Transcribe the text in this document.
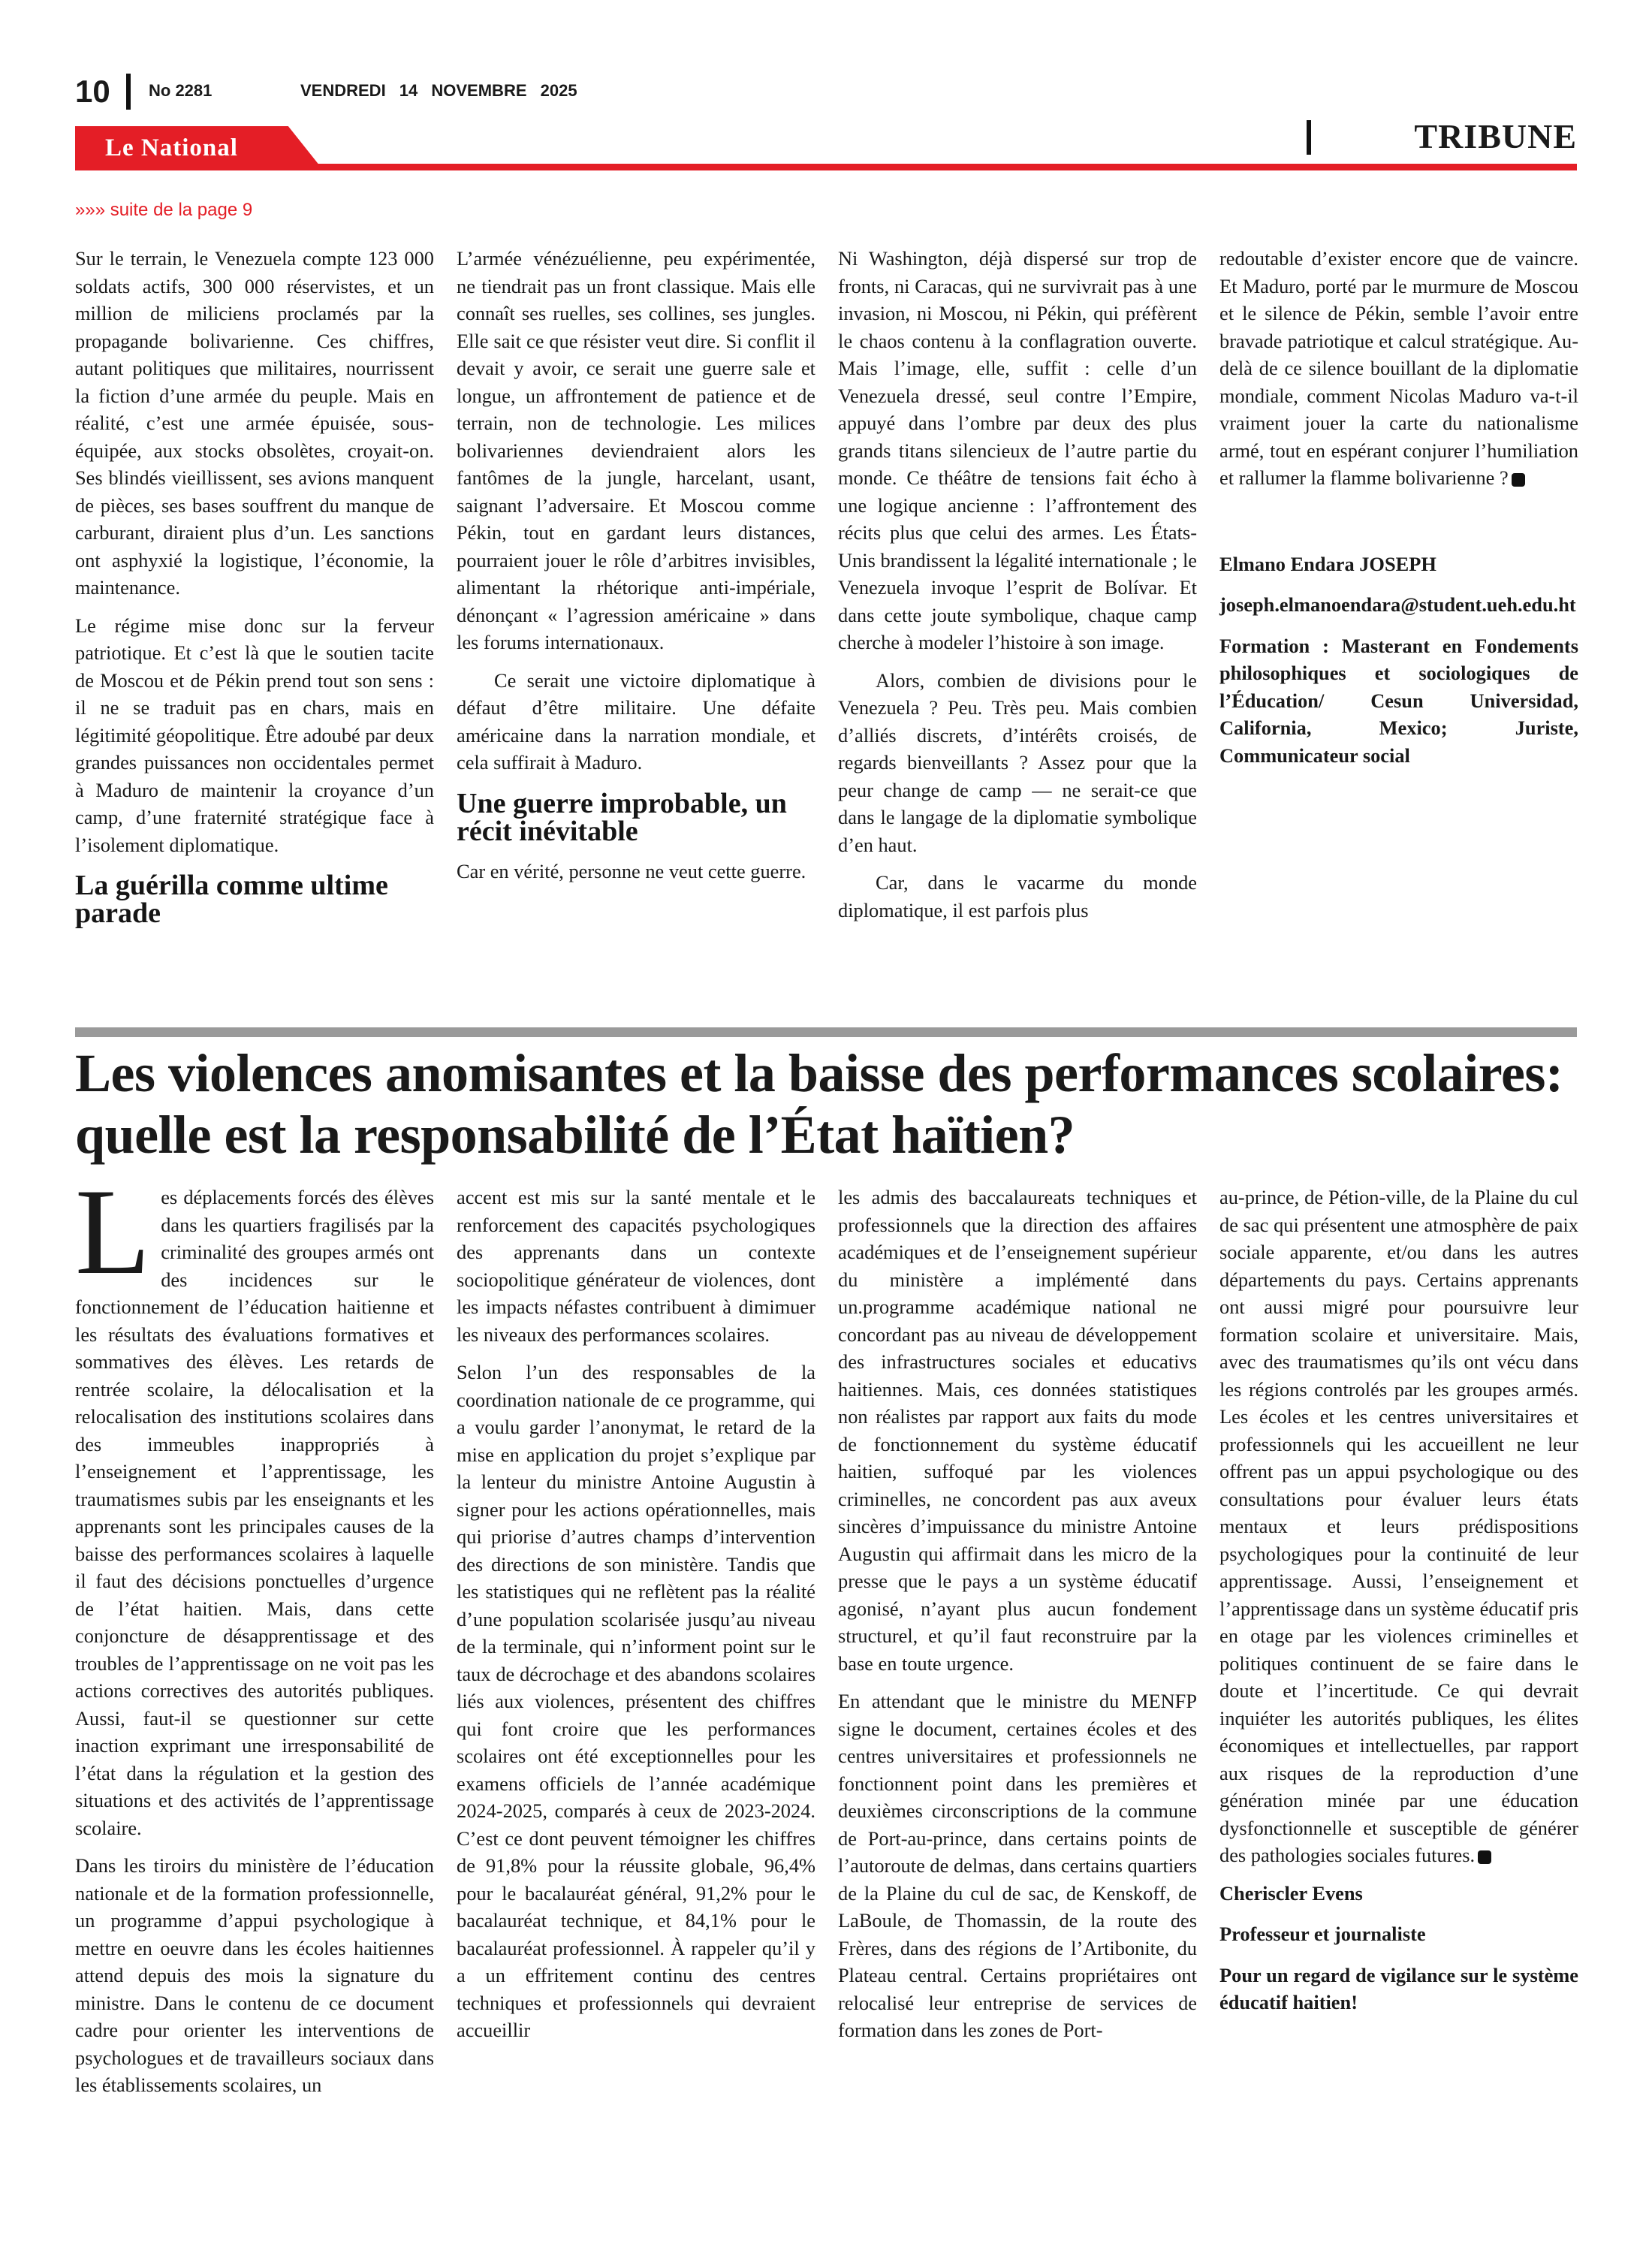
10 No 2281	VENDREDI 14 NOVEMBRE 2025
Le National	TRIBUNE
»»» suite de la page 9

Sur le terrain, le Venezuela compte 123 000 soldats actifs, 300 000 réservistes, et un million de miliciens proclamés par la propagande bolivarienne. Ces chiffres, autant politiques que militaires, nourrissent la fiction d’une armée du peuple. Mais en réalité, c’est une armée épuisée, sous-équipée, aux stocks obsolètes, croyait-on. Ses blindés vieillissent, ses avions manquent de pièces, ses bases souffrent du manque de carburant, diraient plus d’un. Les sanctions ont asphyxié la logistique, l’économie, la maintenance.

Le régime mise donc sur la ferveur patriotique. Et c’est là que le soutien tacite de Moscou et de Pékin prend tout son sens : il ne se traduit pas en chars, mais en légitimité géopolitique. Être adoubé par deux grandes puissances non occidentales permet à Maduro de maintenir la croyance d’un camp, d’une fraternité stratégique face à l’isolement diplomatique.

La guérilla comme ultime parade

L’armée vénézuélienne, peu expérimentée, ne tiendrait pas un front classique. Mais elle connaît ses ruelles, ses collines, ses jungles. Elle sait ce que résister veut dire. Si conflit il devait y avoir, ce serait une guerre sale et longue, un affrontement de patience et de terrain, non de technologie. Les milices bolivariennes deviendraient alors les fantômes de la jungle, harcelant, usant, saignant l’adversaire. Et Moscou comme Pékin, tout en gardant leurs distances, pourraient jouer le rôle d’arbitres invisibles, alimentant la rhétorique anti-impériale, dénonçant « l’agression américaine » dans les forums internationaux.

Ce serait une victoire diplomatique à défaut d’être militaire. Une défaite américaine dans la narration mondiale, et cela suffirait à Maduro.

Une guerre improbable, un récit inévitable

Car en vérité, personne ne veut cette guerre.

Ni Washington, déjà dispersé sur trop de fronts, ni Caracas, qui ne survivrait pas à une invasion, ni Moscou, ni Pékin, qui préfèrent le chaos contenu à la conflagration ouverte. Mais l’image, elle, suffit : celle d’un Venezuela dressé, seul contre l’Empire, appuyé dans l’ombre par deux des plus grands titans silencieux de l’autre partie du monde. Ce théâtre de tensions fait écho à une logique ancienne : l’affrontement des récits plus que celui des armes. Les États-Unis brandissent la légalité internationale ; le Venezuela invoque l’esprit de Bolívar. Et dans cette joute symbolique, chaque camp cherche à modeler l’histoire à son image.

Alors, combien de divisions pour le Venezuela ? Peu. Très peu. Mais combien d’alliés discrets, d’intérêts croisés, de regards bienveillants ? Assez pour que la peur change de camp — ne serait-ce que dans le langage de la diplomatie symbolique d’en haut.

Car, dans le vacarme du monde diplomatique, il est parfois plus

redoutable d’exister encore que de vaincre. Et Maduro, porté par le murmure de Moscou et le silence de Pékin, semble l’avoir entre bravade patriotique et calcul stratégique. Au-delà de ce silence bouillant de la diplomatie mondiale, comment Nicolas Maduro va-t-il vraiment jouer la carte du nationalisme armé, tout en espérant conjurer l’humiliation et rallumer la flamme bolivarienne ?

Elmano Endara JOSEPH

joseph.elmanoendara@student.ueh.edu.ht

Formation : Masterant en Fondements philosophiques et sociologiques de l’Éducation/ Cesun Universidad, California, Mexico; Juriste, Communicateur social

Les violences anomisantes et la baisse des performances scolaires: quelle est la responsabilité de l’État haïtien?

Les déplacements forcés des élèves dans les quartiers fragilisés par la criminalité des groupes armés ont des incidences sur le fonctionnement de l’éducation haitienne et les résultats des évaluations formatives et sommatives des élèves. Les retards de rentrée scolaire, la délocalisation et la relocalisation des institutions scolaires dans des immeubles inappropriés à l’enseignement et l’apprentissage, les traumatismes subis par les enseignants et les apprenants sont les principales causes de la baisse des performances scolaires à laquelle il faut des décisions ponctuelles d’urgence de l’état haitien. Mais, dans cette conjoncture de désapprentissage et des troubles de l’apprentissage on ne voit pas les actions correctives des autorités publiques. Aussi, faut-il se questionner sur cette inaction exprimant une irresponsabilité de l’état dans la régulation et la gestion des situations et des activités de l’apprentissage scolaire.

Dans les tiroirs du ministère de l’éducation nationale et de la formation professionnelle, un programme d’appui psychologique à mettre en oeuvre dans les écoles haitiennes attend depuis des mois la signature du ministre. Dans le contenu de ce document cadre pour orienter les interventions de psychologues et de travailleurs sociaux dans les établissements scolaires, un

accent est mis sur la santé mentale et le renforcement des capacités psychologiques des apprenants dans un contexte sociopolitique générateur de violences, dont les impacts néfastes contribuent à dimimuer les niveaux des performances scolaires.

Selon l’un des responsables de la coordination nationale de ce programme, qui a voulu garder l’anonymat, le retard de la mise en application du projet s’explique par la lenteur du ministre Antoine Augustin à signer pour les actions opérationnelles, mais qui priorise d’autres champs d’intervention des directions de son ministère. Tandis que les statistiques qui ne reflètent pas la réalité d’une population scolarisée jusqu’au niveau de la terminale, qui n’informent point sur le taux de décrochage et des abandons scolaires liés aux violences, présentent des chiffres qui font croire que les performances scolaires ont été exceptionnelles pour les examens officiels de l’année académique 2024-2025, comparés à ceux de 2023-2024. C’est ce dont peuvent témoigner les chiffres de 91,8% pour la réussite globale, 96,4% pour le bacalauréat général, 91,2% pour le bacalauréat technique, et 84,1% pour le bacalauréat professionnel. À rappeler qu’il y a un effritement continu des centres techniques et professionnels qui devraient accueillir

les admis des baccalaureats techniques et professionnels que la direction des affaires académiques et de l’enseignement supérieur du ministère a implémenté dans un.programme académique national ne concordant pas au niveau de développement des infrastructures sociales et educativs haitiennes. Mais, ces données statistiques non réalistes par rapport aux faits du mode de fonctionnement du système éducatif haitien, suffoqué par les violences criminelles, ne concordent pas aux aveux sincères d’impuissance du ministre Antoine Augustin qui affirmait dans les micro de la presse que le pays a un système éducatif agonisé, n’ayant plus aucun fondement structurel, et qu’il faut reconstruire par la base en toute urgence.

En attendant que le ministre du MENFP signe le document, certaines écoles et des centres universitaires et professionnels ne fonctionnent point dans les premières et deuxièmes circonscriptions de la commune de Port-au-prince, dans certains points de l’autoroute de delmas, dans certains quartiers de la Plaine du cul de sac, de Kenskoff, de LaBoule, de Thomassin, de la route des Frères, dans des régions de l’Artibonite, du Plateau central. Certains propriétaires ont relocalisé leur entreprise de services de formation dans les zones de Port-

au-prince, de Pétion-ville, de la Plaine du cul de sac qui présentent une atmosphère de paix sociale apparente, et/ou dans les autres départements du pays. Certains apprenants ont aussi migré pour poursuivre leur formation scolaire et universitaire. Mais, avec des traumatismes qu’ils ont vécu dans les régions controlés par les groupes armés. Les écoles et les centres universitaires et professionnels qui les accueillent ne leur offrent pas un appui psychologique ou des consultations pour évaluer leurs états mentaux et leurs prédispositions psychologiques pour la continuité de leur apprentissage. Aussi, l’enseignement et l’apprentissage dans un système éducatif pris en otage par les violences criminelles et politiques continuent de se faire dans le doute et l’incertitude. Ce qui devrait inquiéter les autorités publiques, les élites économiques et intellectuelles, par rapport aux risques de la reproduction d’une génération minée par une éducation dysfonctionnelle et susceptible de générer des pathologies sociales futures.

Cheriscler Evens

Professeur et journaliste

Pour un regard de vigilance sur le système éducatif haitien!
